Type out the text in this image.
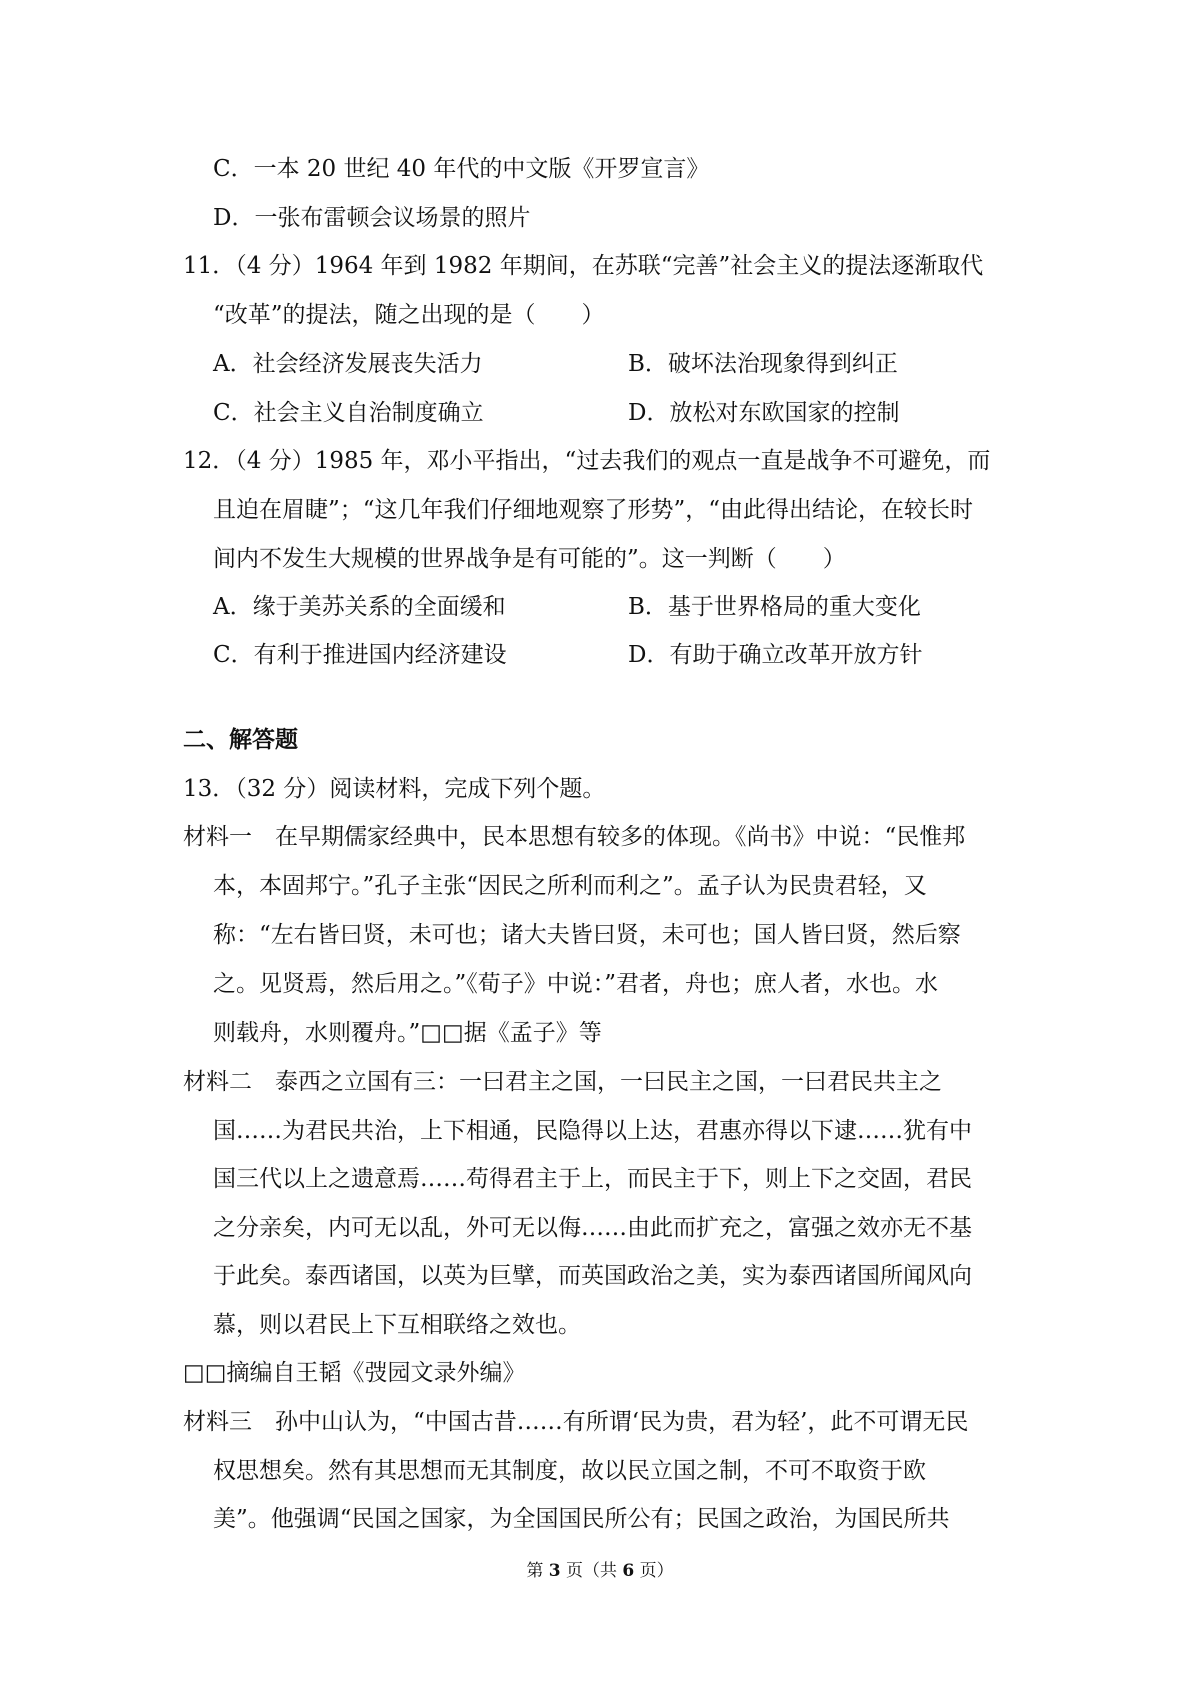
C．一本 20 世纪 40 年代的中文版《开罗宣言》
D．一张布雷顿会议场景的照片
11．（4 分）1964 年到 1982 年期间，在苏联“完善”社会主义的提法逐渐取代
“改革”的提法，随之出现的是（　　）
A．社会经济发展丧失活力	B．破坏法治现象得到纠正
C．社会主义自治制度确立	D．放松对东欧国家的控制
12．（4 分）1985 年，邓小平指出，“过去我们的观点一直是战争不可避免，而
且迫在眉睫”；“这几年我们仔细地观察了形势”，“由此得出结论，在较长时
间内不发生大规模的世界战争是有可能的”。这一判断（　　）
A．缘于美苏关系的全面缓和	B．基于世界格局的重大变化
C．有利于推进国内经济建设	D．有助于确立改革开放方针
二、解答题
13．（32 分）阅读材料，完成下列个题。
材料一　在早期儒家经典中，民本思想有较多的体现。《尚书》中说：“民惟邦
本，本固邦宁。”孔子主张“因民之所利而利之”。孟子认为民贵君轻，又
称：“左右皆曰贤，未可也；诸大夫皆曰贤，未可也；国人皆曰贤，然后察
之。见贤焉，然后用之。”《荀子》中说：”君者，舟也；庶人者，水也。水
则载舟，水则覆舟。”□□据《孟子》等
材料二　泰西之立国有三：一曰君主之国，一曰民主之国，一曰君民共主之
国……为君民共治，上下相通，民隐得以上达，君惠亦得以下逮……犹有中
国三代以上之遗意焉……苟得君主于上，而民主于下，则上下之交固，君民
之分亲矣，内可无以乱，外可无以侮……由此而扩充之，富强之效亦无不基
于此矣。泰西诸国，以英为巨擘，而英国政治之美，实为泰西诸国所闻风向
慕，则以君民上下互相联络之效也。
□□摘编自王韬《弢园文录外编》
材料三　孙中山认为，“中国古昔……有所谓‘民为贵，君为轻’，此不可谓无民
权思想矣。然有其思想而无其制度，故以民立国之制，不可不取资于欧
美”。他强调“民国之国家，为全国国民所公有；民国之政治，为国民所共
第 3 页（共 6 页）
